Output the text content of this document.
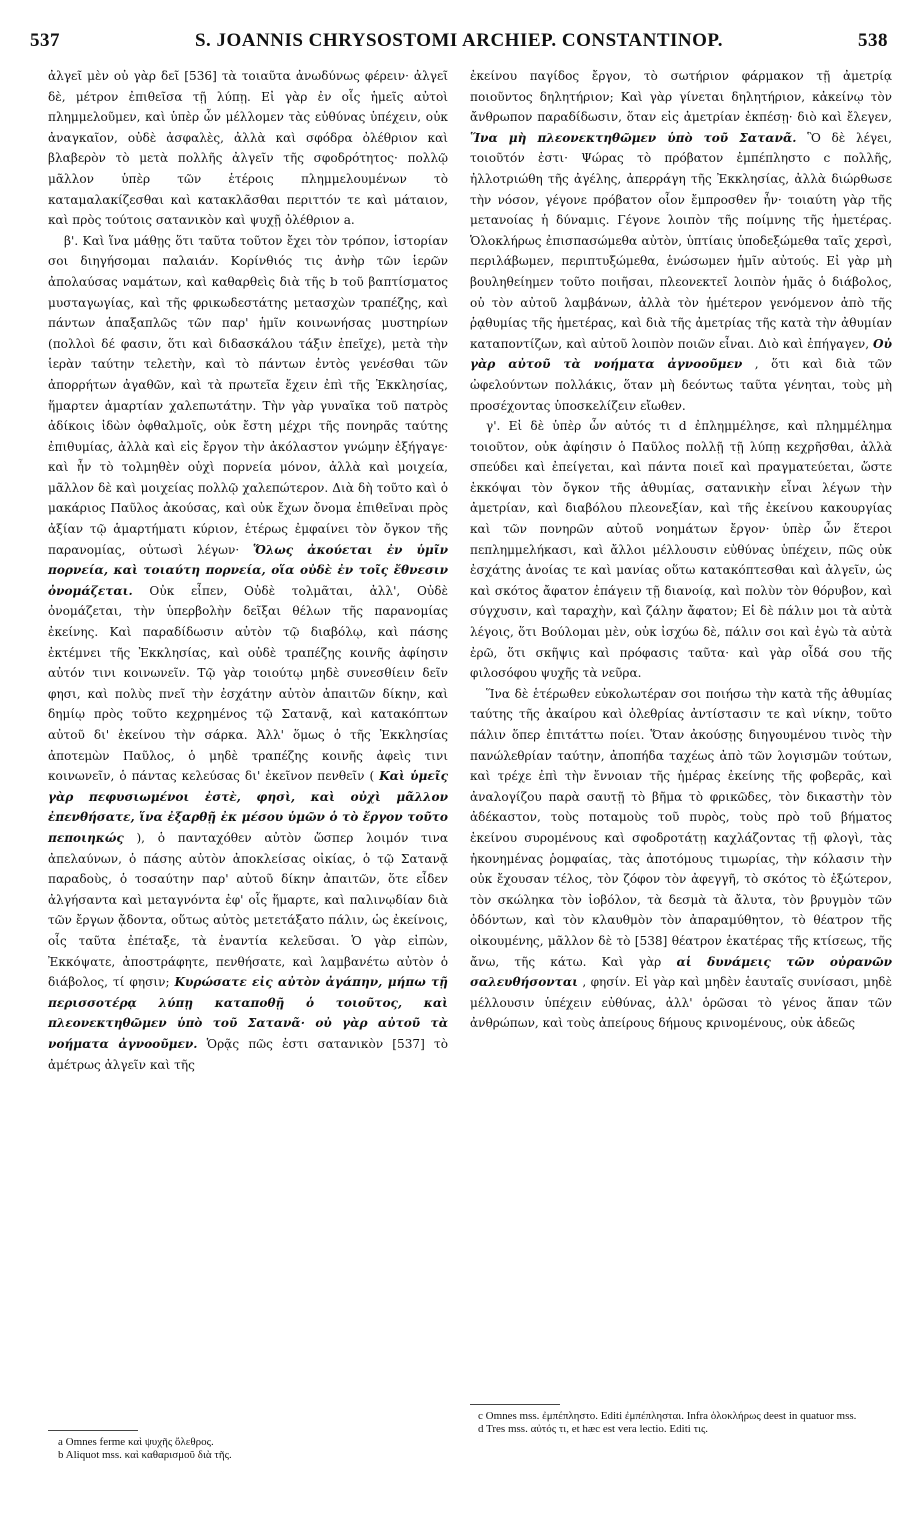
537	S. JOANNIS CHRYSOSTOMI ARCHIEP. CONSTANTINOP.	538

ἀλγεῖ μὲν οὐ γὰρ δεῖ [536] τὰ τοιαῦτα ἀνωδύνως φέρειν· ἀλγεῖ δὲ, μέτρον ἐπιθεῖσα τῇ λύπῃ. Εἰ γὰρ ἐν οἷς ἡμεῖς αὐτοὶ πλημμελοῦμεν, καὶ ὑπὲρ ὧν μέλλομεν τὰς εὐθύνας ὑπέχειν, οὐκ ἀναγκαῖον, οὐδὲ ἀσφαλὲς, ἀλλὰ καὶ σφόδρα ὀλέθριον καὶ βλαβερὸν τὸ μετὰ πολλῆς ἀλγεῖν τῆς σφοδρότητος· πολλῷ μᾶλλον ὑπὲρ τῶν ἑτέροις πλημμελουμένων τὸ καταμαλακίζεσθαι καὶ κατακλᾶσθαι περιττόν τε καὶ μάταιον, καὶ πρὸς τούτοις σατανικὸν καὶ ψυχῇ ὀλέθριον a.

β'. Καὶ ἵνα μάθῃς ὅτι ταῦτα τοῦτον ἔχει τὸν τρόπον, ἱστορίαν σοι διηγήσομαι παλαιάν. Κορίνθιός τις ἀνὴρ τῶν ἱερῶν ἀπολαύσας ναμάτων, καὶ καθαρθεὶς διὰ τῆς b τοῦ βαπτίσματος μυσταγωγίας, καὶ τῆς φρικωδεστάτης μετασχὼν τραπέζης, καὶ πάντων ἁπαξαπλῶς τῶν παρ' ἡμῖν κοινωνήσας μυστηρίων (πολλοὶ δέ φασιν, ὅτι καὶ διδασκάλου τάξιν ἐπεῖχε), μετὰ τὴν ἱερὰν ταύτην τελετὴν, καὶ τὸ πάντων ἐντὸς γενέσθαι τῶν ἀπορρήτων ἀγαθῶν, καὶ τὰ πρωτεῖα ἔχειν ἐπὶ τῆς Ἐκκλησίας, ἥμαρτεν ἁμαρτίαν χαλεπωτάτην. Τὴν γὰρ γυναῖκα τοῦ πατρὸς ἀδίκοις ἰδὼν ὀφθαλμοῖς, οὐκ ἔστη μέχρι τῆς πονηρᾶς ταύτης ἐπιθυμίας, ἀλλὰ καὶ εἰς ἔργον τὴν ἀκόλαστον γνώμην ἐξήγαγε· καὶ ἦν τὸ τολμηθὲν οὐχὶ πορνεία μόνον, ἀλλὰ καὶ μοιχεία, μᾶλλον δὲ καὶ μοιχείας πολλῷ χαλεπώτερον. Διὰ δὴ τοῦτο καὶ ὁ μακάριος Παῦλος ἀκούσας, καὶ οὐκ ἔχων ὄνομα ἐπιθεῖναι πρὸς ἀξίαν τῷ ἁμαρτήματι κύριον, ἑτέρως ἐμφαίνει τὸν ὄγκον τῆς παρανομίας, οὑτωσὶ λέγων· Ὅλως ἀκούεται ἐν ὑμῖν πορνεία, καὶ τοιαύτη πορνεία, οἵα οὐδὲ ἐν τοῖς ἔθνεσιν ὀνομάζεται. Οὐκ εἶπεν, Οὐδὲ τολμᾶται, ἀλλ', Οὐδὲ ὀνομάζεται, τὴν ὑπερβολὴν δεῖξαι θέλων τῆς παρανομίας ἐκείνης. Καὶ παραδίδωσιν αὐτὸν τῷ διαβόλῳ, καὶ πάσης ἐκτέμνει τῆς Ἐκκλησίας, καὶ οὐδὲ τραπέζης κοινῆς ἀφίησιν αὐτόν τινι κοινωνεῖν. Τῷ γὰρ τοιούτῳ μηδὲ συνεσθίειν δεῖν φησι, καὶ πολὺς πνεῖ τὴν ἐσχάτην αὐτὸν ἀπαιτῶν δίκην, καὶ δημίῳ πρὸς τοῦτο κεχρημένος τῷ Σατανᾷ, καὶ κατακόπτων αὐτοῦ δι' ἐκείνου τὴν σάρκα. Ἀλλ' ὅμως ὁ τῆς Ἐκκλησίας ἀποτεμὼν Παῦλος, ὁ μηδὲ τραπέζης κοινῆς ἀφεὶς τινι κοινωνεῖν, ὁ πάντας κελεύσας δι' ἐκεῖνον πενθεῖν ( Καὶ ὑμεῖς γὰρ πεφυσιωμένοι ἐστὲ, φησὶ, καὶ οὐχὶ μᾶλλον ἐπενθήσατε, ἵνα ἐξαρθῇ ἐκ μέσου ὑμῶν ὁ τὸ ἔργον τοῦτο πεποιηκώς ), ὁ πανταχόθεν αὐτὸν ὥσπερ λοιμόν τινα ἀπελαύνων, ὁ πάσης αὐτὸν ἀποκλείσας οἰκίας, ὁ τῷ Σατανᾷ παραδοὺς, ὁ τοσαύτην παρ' αὐτοῦ δίκην ἀπαιτῶν, ὅτε εἶδεν ἀλγήσαντα καὶ μεταγνόντα ἐφ' οἷς ἥμαρτε, καὶ παλινῳδίαν διὰ τῶν ἔργων ᾄδοντα, οὕτως αὐτὸς μετετάξατο πάλιν, ὡς ἐκείνοις, οἷς ταῦτα ἐπέταξε, τὰ ἐναντία κελεῦσαι. Ὁ γὰρ εἰπὼν, Ἐκκόψατε, ἀποστράφητε, πενθήσατε, καὶ λαμβανέτω αὐτὸν ὁ διάβολος, τί φησιν; Κυρώσατε εἰς αὐτὸν ἀγάπην, μήπω τῇ περισσοτέρᾳ λύπῃ καταποθῇ ὁ τοιοῦτος, καὶ πλεονεκτηθῶμεν ὑπὸ τοῦ Σατανᾶ· οὐ γὰρ αὐτοῦ τὰ νοήματα ἀγνοοῦμεν. Ὁρᾷς πῶς ἐστι σατανικὸν [537] τὸ ἀμέτρως ἀλγεῖν καὶ τῆς

ἐκείνου παγίδος ἔργον, τὸ σωτήριον φάρμακον τῇ ἀμετρίᾳ ποιοῦντος δηλητήριον; Καὶ γὰρ γίνεται δηλητήριον, κἀκείνῳ τὸν ἄνθρωπον παραδίδωσιν, ὅταν εἰς ἀμετρίαν ἐκπέσῃ· διὸ καὶ ἔλεγεν, Ἵνα μὴ πλεονεκτηθῶμεν ὑπὸ τοῦ Σατανᾶ. Ὃ δὲ λέγει, τοιοῦτόν ἐστι· Ψώρας τὸ πρόβατον ἐμπέπληστο c πολλῆς, ἠλλοτριώθη τῆς ἀγέλης, ἀπερράγη τῆς Ἐκκλησίας, ἀλλὰ διώρθωσε τὴν νόσον, γέγονε πρόβατον οἷον ἔμπροσθεν ἦν· τοιαύτη γὰρ τῆς μετανοίας ἡ δύναμις. Γέγονε λοιπὸν τῆς ποίμνης τῆς ἡμετέρας. Ὁλοκλήρως ἐπισπασώμεθα αὐτὸν, ὑπτίαις ὑποδεξώμεθα ταῖς χερσὶ, περιλάβωμεν, περιπτυξώμεθα, ἑνώσωμεν ἡμῖν αὐτούς. Εἰ γὰρ μὴ βουληθείημεν τοῦτο ποιῆσαι, πλεονεκτεῖ λοιπὸν ἡμᾶς ὁ διάβολος, οὐ τὸν αὐτοῦ λαμβάνων, ἀλλὰ τὸν ἡμέτερον γενόμενον ἀπὸ τῆς ῥᾳθυμίας τῆς ἡμετέρας, καὶ διὰ τῆς ἀμετρίας τῆς κατὰ τὴν ἀθυμίαν καταποντίζων, καὶ αὐτοῦ λοιπὸν ποιῶν εἶναι. Διὸ καὶ ἐπήγαγεν, Οὐ γὰρ αὐτοῦ τὰ νοήματα ἀγνοοῦμεν , ὅτι καὶ διὰ τῶν ὠφελούντων πολλάκις, ὅταν μὴ δεόντως ταῦτα γένηται, τοὺς μὴ προσέχοντας ὑποσκελίζειν εἴωθεν.

γ'. Εἰ δὲ ὑπὲρ ὧν αὐτός τι d ἐπλημμέλησε, καὶ πλημμέλημα τοιοῦτον, οὐκ ἀφίησιν ὁ Παῦλος πολλῇ τῇ λύπῃ κεχρῆσθαι, ἀλλὰ σπεύδει καὶ ἐπείγεται, καὶ πάντα ποιεῖ καὶ πραγματεύεται, ὥστε ἐκκόψαι τὸν ὄγκον τῆς ἀθυμίας, σατανικὴν εἶναι λέγων τὴν ἀμετρίαν, καὶ διαβόλου πλεονεξίαν, καὶ τῆς ἐκείνου κακουργίας καὶ τῶν πονηρῶν αὐτοῦ νοημάτων ἔργον· ὑπὲρ ὧν ἕτεροι πεπλημμελήκασι, καὶ ἄλλοι μέλλουσιν εὐθύνας ὑπέχειν, πῶς οὐκ ἐσχάτης ἀνοίας τε καὶ μανίας οὕτω κατακόπτεσθαι καὶ ἀλγεῖν, ὡς καὶ σκότος ἄφατον ἐπάγειν τῇ διανοίᾳ, καὶ πολὺν τὸν θόρυβον, καὶ σύγχυσιν, καὶ ταραχὴν, καὶ ζάλην ἄφατον; Εἰ δὲ πάλιν μοι τὰ αὐτὰ λέγοις, ὅτι Βούλομαι μὲν, οὐκ ἰσχύω δὲ, πάλιν σοι καὶ ἐγὼ τὰ αὐτὰ ἐρῶ, ὅτι σκῆψις καὶ πρόφασις ταῦτα· καὶ γὰρ οἶδά σου τῆς φιλοσόφου ψυχῆς τὰ νεῦρα.

Ἵνα δὲ ἑτέρωθεν εὐκολωτέραν σοι ποιήσω τὴν κατὰ τῆς ἀθυμίας ταύτης τῆς ἀκαίρου καὶ ὀλεθρίας ἀντίστασιν τε καὶ νίκην, τοῦτο πάλιν ὅπερ ἐπιτάττω ποίει. Ὅταν ἀκούσῃς διηγουμένου τινὸς τὴν πανώλεθρίαν ταύτην, ἀποπήδα ταχέως ἀπὸ τῶν λογισμῶν τούτων, καὶ τρέχε ἐπὶ τὴν ἔννοιαν τῆς ἡμέρας ἐκείνης τῆς φοβερᾶς, καὶ ἀναλογίζου παρὰ σαυτῇ τὸ βῆμα τὸ φρικῶδες, τὸν δικαστὴν τὸν ἀδέκαστον, τοὺς ποταμοὺς τοῦ πυρὸς, τοὺς πρὸ τοῦ βήματος ἐκείνου συρομένους καὶ σφοδροτάτῃ καχλάζοντας τῇ φλογὶ, τὰς ἠκονημένας ῥομφαίας, τὰς ἀποτόμους τιμωρίας, τὴν κόλασιν τὴν οὐκ ἔχουσαν τέλος, τὸν ζόφον τὸν ἀφεγγῆ, τὸ σκότος τὸ ἐξώτερον, τὸν σκώληκα τὸν ἰοβόλον, τὰ δεσμὰ τὰ ἄλυτα, τὸν βρυγμὸν τῶν ὀδόντων, καὶ τὸν κλαυθμὸν τὸν ἀπαραμύθητον, τὸ θέατρον τῆς οἰκουμένης, μᾶλλον δὲ τὸ [538] θέατρον ἑκατέρας τῆς κτίσεως, τῆς ἄνω, τῆς κάτω. Καὶ γὰρ αἱ δυνάμεις τῶν οὐρανῶν σαλευθήσονται , φησίν. Εἰ γὰρ καὶ μηδὲν ἑαυταῖς συνίσασι, μηδὲ μέλλουσιν ὑπέχειν εὐθύνας, ἀλλ' ὁρῶσαι τὸ γένος ἅπαν τῶν ἀνθρώπων, καὶ τοὺς ἀπείρους δήμους κρινομένους, οὐκ ἀδεῶς

a Omnes ferme καὶ ψυχῆς ὄλεθρος.
b Aliquot mss. καὶ καθαρισμοῦ διὰ τῆς.
c Omnes mss. ἐμπέπληστο. Editi ἐμπέπλησται. Infra ὁλοκλήρως deest in quatuor mss.
d Tres mss. αὐτός τι, et hæc est vera lectio. Editi τις.
